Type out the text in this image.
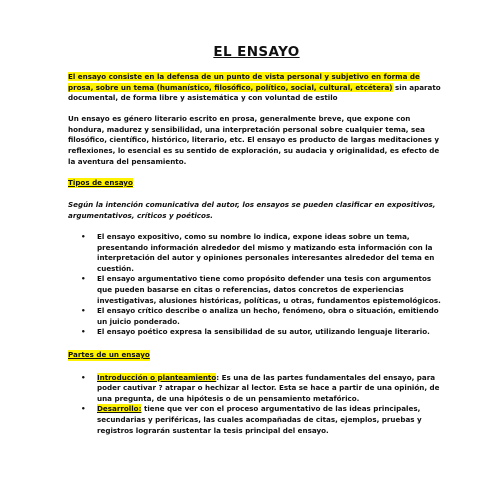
EL ENSAYO

El ensayo consiste en la defensa de un punto de vista personal y subjetivo en forma de prosa, sobre un tema (humanístico, filosófico, político, social, cultural, etcétera) sin aparato documental, de forma libre y asistemática y con voluntad de estilo

Un ensayo es género literario escrito en prosa, generalmente breve, que expone con hondura, madurez y sensibilidad, una interpretación personal sobre cualquier tema, sea filosófico, científico, histórico, literario, etc. El ensayo es producto de largas meditaciones y reflexiones, lo esencial es su sentido de exploración, su audacia y originalidad, es efecto de la aventura del pensamiento.

Tipos de ensayo

Según la intención comunicativa del autor, los ensayos se pueden clasificar en expositivos, argumentativos, críticos y poéticos.

• El ensayo expositivo, como su nombre lo indica, expone ideas sobre un tema, presentando información alrededor del mismo y matizando esta información con la interpretación del autor y opiniones personales interesantes alrededor del tema en cuestión.
• El ensayo argumentativo tiene como propósito defender una tesis con argumentos que pueden basarse en citas o referencias, datos concretos de experiencias investigativas, alusiones históricas, políticas, u otras, fundamentos epistemológicos.
• El ensayo crítico describe o analiza un hecho, fenómeno, obra o situación, emitiendo un juicio ponderado.
• El ensayo poético expresa la sensibilidad de su autor, utilizando lenguaje literario.
Partes de un ensayo
• Introducción o planteamiento: Es una de las partes fundamentales del ensayo, para poder cautivar ? atrapar o hechizar al lector. Esta se hace a partir de una opinión, de una pregunta, de una hipótesis o de un pensamiento metafórico.
• Desarrollo: tiene que ver con el proceso argumentativo de las ideas principales, secundarias y periféricas, las cuales acompañadas de citas, ejemplos, pruebas y registros lograrán sustentar la tesis principal del ensayo.
